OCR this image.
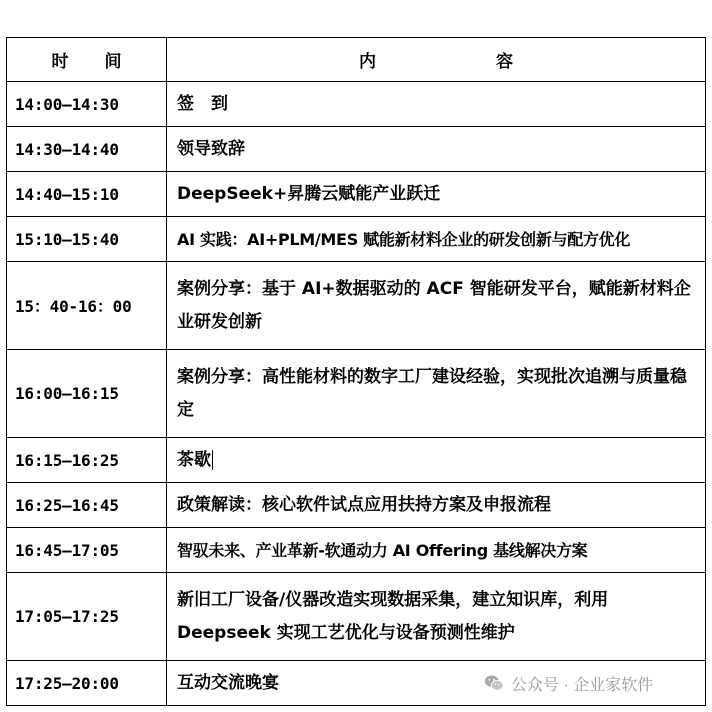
时间	内容
14:00—14:30	签　到
14:30—14:40	领导致辞
14:40—15:10	DeepSeek+昇腾云赋能产业跃迁
15:10—15:40	AI 实践：AI+PLM/MES 赋能新材料企业的研发创新与配方优化
15：40-16：00	案例分享：基于 AI+数据驱动的 ACF 智能研发平台，赋能新材料企业研发创新
16:00—16:15	案例分享：高性能材料的数字工厂建设经验，实现批次追溯与质量稳定
16:15—16:25	茶歇
16:25—16:45	政策解读：核心软件试点应用扶持方案及申报流程
16:45—17:05	智驭未来、产业革新-软通动力 AI Offering 基线解决方案
17:05—17:25	新旧工厂设备/仪器改造实现数据采集，建立知识库，利用 Deepseek 实现工艺优化与设备预测性维护
17:25—20:00	互动交流晚宴	公众号 · 企业家软件
